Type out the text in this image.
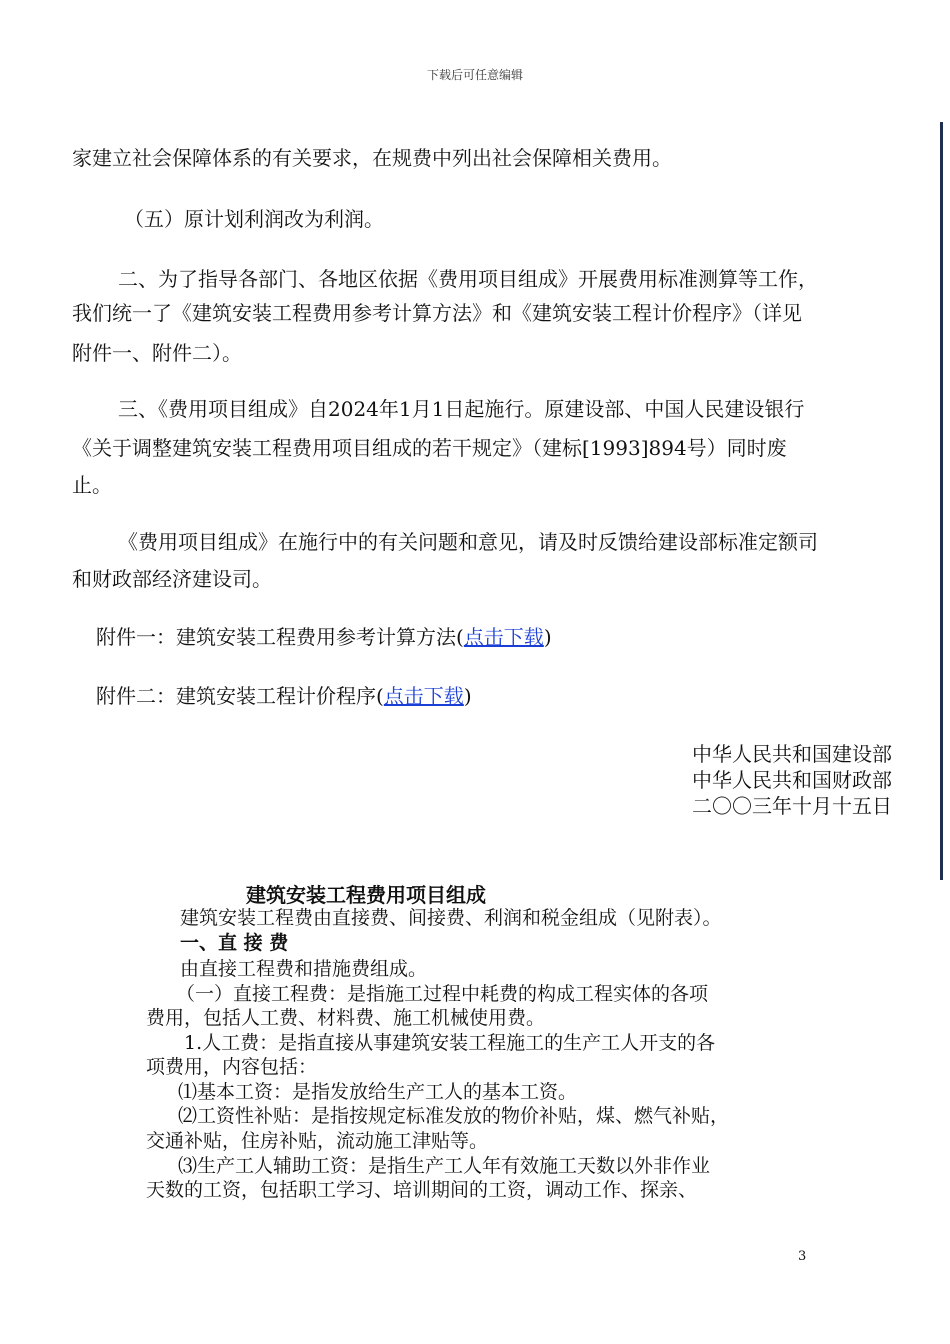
下载后可任意编辑
家建立社会保障体系的有关要求，在规费中列出社会保障相关费用。
（五）原计划利润改为利润。
二、为了指导各部门、各地区依据《费用项目组成》开展费用标准测算等工作，
我们统一了《建筑安装工程费用参考计算方法》和《建筑安装工程计价程序》（详见
附件一、附件二）。
三、《费用项目组成》自2024年1月1日起施行。原建设部、中国人民建设银行
《关于调整建筑安装工程费用项目组成的若干规定》（建标[1993]894号）同时废
止。
《费用项目组成》在施行中的有关问题和意见，请及时反馈给建设部标准定额司
和财政部经济建设司。
附件一：建筑安装工程费用参考计算方法(点击下载)
附件二：建筑安装工程计价程序(点击下载)
中华人民共和国建设部
中华人民共和国财政部
二〇〇三年十月十五日
建筑安装工程费用项目组成
建筑安装工程费由直接费、间接费、利润和税金组成（见附表）。
一、直 接 费
由直接工程费和措施费组成。
（一）直接工程费：是指施工过程中耗费的构成工程实体的各项
费用，包括人工费、材料费、施工机械使用费。
1.人工费：是指直接从事建筑安装工程施工的生产工人开支的各
项费用，内容包括：
⑴基本工资：是指发放给生产工人的基本工资。
⑵工资性补贴：是指按规定标准发放的物价补贴，煤、燃气补贴，
交通补贴，住房补贴，流动施工津贴等。
⑶生产工人辅助工资：是指生产工人年有效施工天数以外非作业
天数的工资，包括职工学习、培训期间的工资，调动工作、探亲、
3
